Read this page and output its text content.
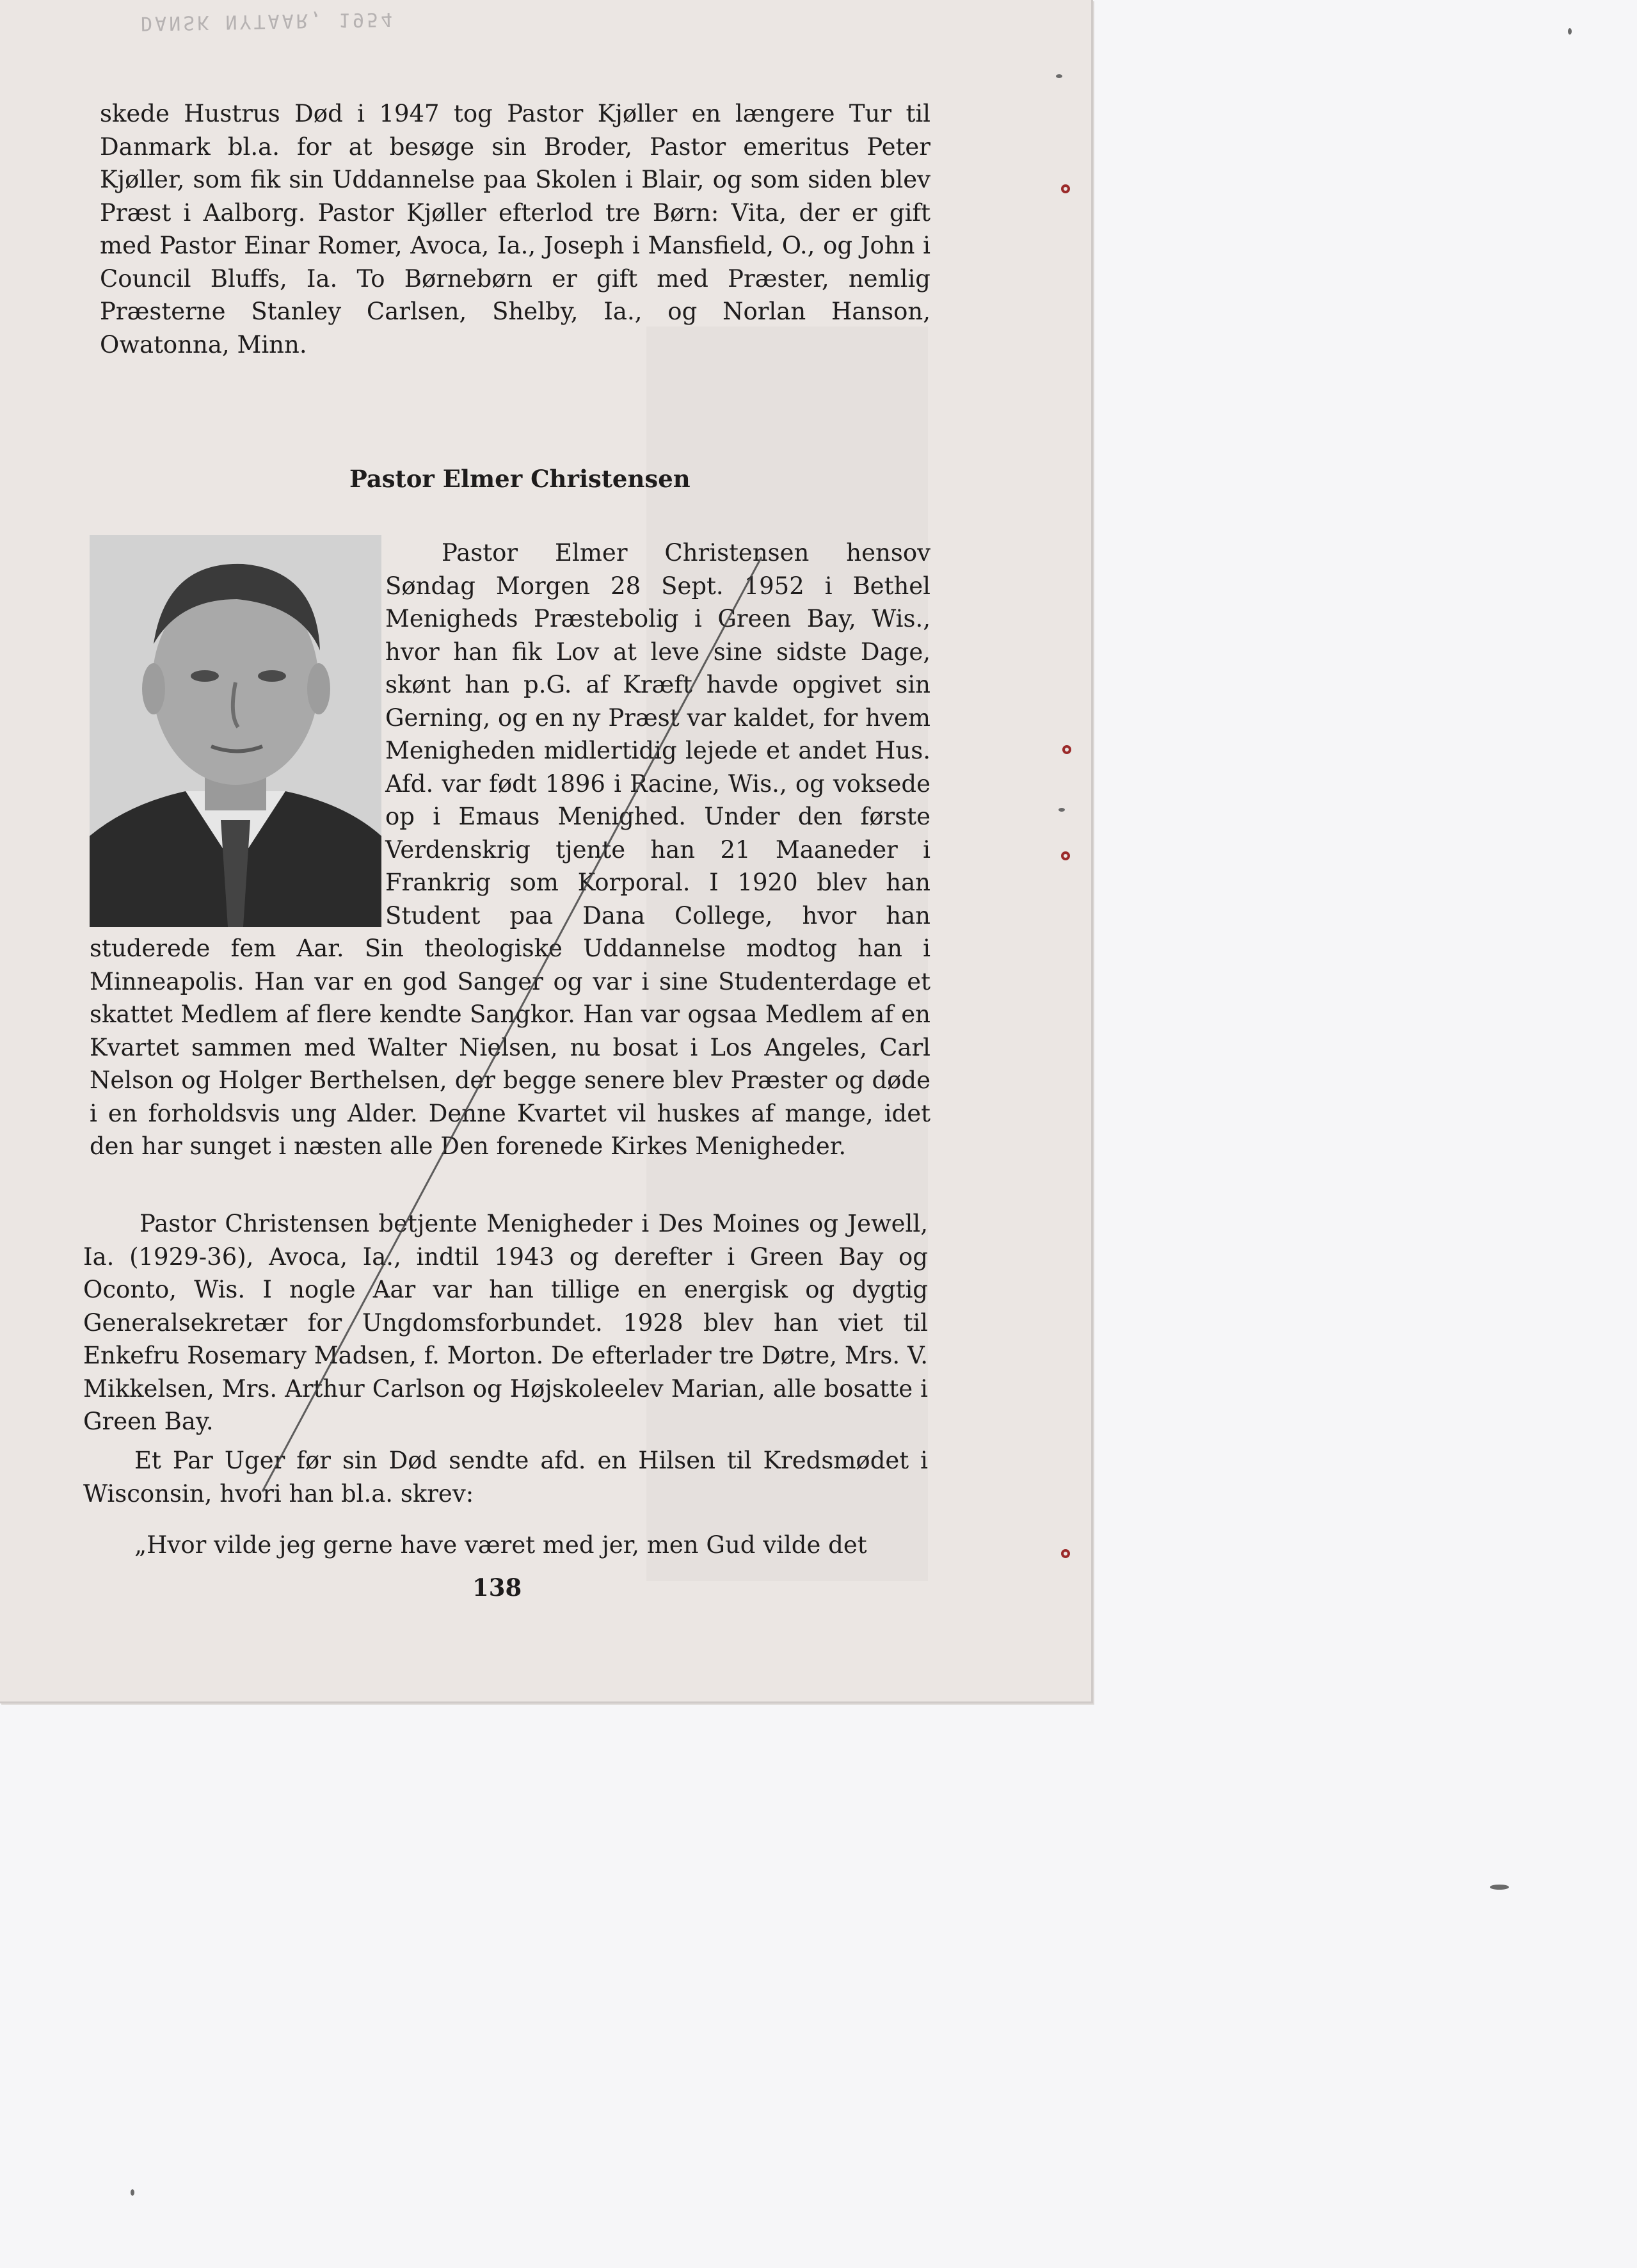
DANSK NYTAAR, 1954

skede Hustrus Død i 1947 tog Pastor Kjøller en længere Tur til Danmark bl.a. for at besøge sin Broder, Pastor emeritus Peter Kjøller, som fik sin Uddannelse paa Skolen i Blair, og som siden blev Præst i Aalborg. Pastor Kjøller efterlod tre Børn: Vita, der er gift med Pastor Einar Romer, Avoca, Ia., Joseph i Mansfield, O., og John i Council Bluffs, Ia. To Børnebørn er gift med Præster, nemlig Præsterne Stanley Carlsen, Shelby, Ia., og Norlan Hanson, Owatonna, Minn.

Pastor Elmer Christensen

Pastor Elmer Christensen hensov Søndag Morgen 28 Sept. 1952 i Bethel Menigheds Præstebolig i Green Bay, Wis., hvor han fik Lov at leve sine sidste Dage, skønt han p.G. af Kræft havde opgivet sin Gerning, og en ny Præst var kaldet, for hvem Menigheden midlertidig lejede et andet Hus. Afd. var født 1896 i Racine, Wis., og voksede op i Emaus Menighed. Under den første Verdenskrig tjente han 21 Maaneder i Frankrig som Korporal. I 1920 blev han Student paa Dana College, hvor han studerede fem Aar. Sin theologiske Uddannelse modtog han i Minneapolis. Han var en god Sanger og var i sine Studenterdage et skattet Medlem af flere kendte Sangkor. Han var ogsaa Medlem af en Kvartet sammen med Walter Nielsen, nu bosat i Los Angeles, Carl Nelson og Holger Berthelsen, der begge senere blev Præster og døde i en forholdsvis ung Alder. Denne Kvartet vil huskes af mange, idet den har sunget i næsten alle Den forenede Kirkes Menigheder.

Pastor Christensen betjente Menigheder i Des Moines og Jewell, Ia. (1929-36), Avoca, Ia., indtil 1943 og derefter i Green Bay og Oconto, Wis. I nogle Aar var han tillige en energisk og dygtig Generalsekretær for Ungdomsforbundet. 1928 blev han viet til Enkefru Rosemary Madsen, f. Morton. De efterlader tre Døtre, Mrs. V. Mikkelsen, Mrs. Arthur Carlson og Højskoleelev Marian, alle bosatte i Green Bay.

Et Par Uger før sin Død sendte afd. en Hilsen til Kredsmødet i Wisconsin, hvori han bl.a. skrev:

„Hvor vilde jeg gerne have været med jer, men Gud vilde det

138
